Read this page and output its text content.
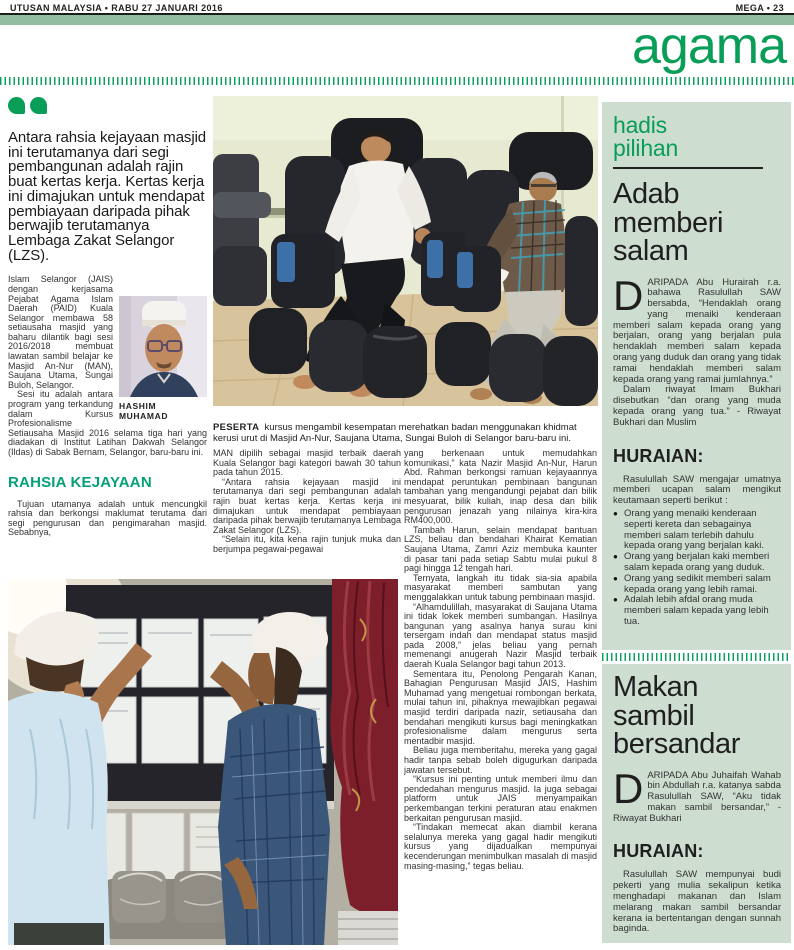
UTUSAN MALAYSIA • RABU 27 JANUARI 2016	MEGA • 23
agama

Antara rahsia kejayaan masjid ini terutamanya dari segi pembangunan adalah rajin buat kertas kerja. Kertas kerja ini dimajukan untuk mendapat pembiayaan daripada pihak berwajib terutamanya Lembaga Zakat Selangor (LZS).

HASHIM MUHAMAD

Islam Selangor (JAIS) dengan kerjasama Pejabat Agama Islam Daerah (PAID) Kuala Selangor membawa 58 setiausaha masjid yang baharu dilantik bagi sesi 2016/2018 membuat lawatan sambil belajar ke Masjid An-Nur (MAN), Saujana Utama, Sungai Buloh, Selangor.

Sesi itu adalah antara program yang terkandung dalam Kursus Profesionalisme Setiausaha Masjid 2016 selama tiga hari yang diadakan di Institut Latihan Dakwah Selangor (Ildas) di Sabak Bernam, Selangor, baru-baru ini.

RAHSIA KEJAYAAN

Tujuan utamanya adalah untuk mencungkil rahsia dan berkongsi maklumat terutama dari segi pengurusan dan pengimarahan masjid. Sebabnya,

PESERTA kursus mengambil kesempatan merehatkan badan menggunakan khidmat kerusi urut di Masjid An-Nur, Saujana Utama, Sungai Buloh di Selangor baru-baru ini.

MAN dipilih sebagai masjid terbaik daerah Kuala Selangor bagi kategori bawah 30 tahun pada tahun 2015.

“Antara rahsia kejayaan masjid ini terutamanya dari segi pembangunan adalah rajin buat kertas kerja. Kertas kerja ini dimajukan untuk mendapat pembiayaan daripada pihak berwajib terutamanya Lembaga Zakat Selangor (LZS).

“Selain itu, kita kena rajin tunjuk muka dan berjumpa pegawai-pegawai

yang berkenaan untuk memudahkan komunikasi,” kata Nazir Masjid An-Nur, Harun Abd. Rahman berkongsi ramuan kejayaannya mendapat peruntukan pembinaan bangunan tambahan yang mengandungi pejabat dan bilik mesyuarat, bilik kuliah, inap desa dan bilik pengurusan jenazah yang nilainya kira-kira RM400,000.

Tambah Harun, selain mendapat bantuan LZS, beliau dan bendahari Khairat Kematian Saujana Utama, Zamri Aziz membuka kaunter di pasar tani pada setiap Sabtu mulai pukul 8 pagi hingga 12 tengah hari.

Ternyata, langkah itu tidak sia-sia apabila masyarakat memberi sambutan yang menggalakkan untuk tabung pembinaan masjid.

“Alhamdulillah, masyarakat di Saujana Utama ini tidak lokek memberi sumbangan. Hasilnya bangunan yang asalnya hanya surau kini tersergam indah dan mendapat status masjid pada 2008,” jelas beliau yang pernah memenangi anugerah Nazir Masjid terbaik daerah Kuala Selangor bagi tahun 2013.

Sementara itu, Penolong Pengarah Kanan, Bahagian Pengurusan Masjid JAIS, Hashim Muhamad yang mengetuai rombongan berkata, mulai tahun ini, pihaknya mewajibkan pegawai masjid terdiri daripada nazir, setiausaha dan bendahari mengikuti kursus bagi meningkatkan profesionalisme dalam mengurus serta mentadbir masjid.

Beliau juga memberitahu, mereka yang gagal hadir tanpa sebab boleh digugurkan daripada jawatan tersebut.

“Kursus ini penting untuk memberi ilmu dan pendedahan mengurus masjid. Ia juga sebagai platform untuk JAIS menyampaikan perkembangan terkini peraturan atau enakmen berkaitan pengurusan masjid.

“Tindakan memecat akan diambil kerana selalunya mereka yang gagal hadir mengikuti kursus yang dijadualkan mempunyai kecenderungan menimbulkan masalah di masjid masing-masing,” tegas beliau.

hadis
pilihan
Adab memberi salam

DARIPADA Abu Hurairah r.a. bahawa Rasulullah SAW bersabda, “Hendaklah orang yang menaiki kenderaan memberi salam kepada orang yang berjalan, orang yang berjalan pula hendaklah memberi salam kepada orang yang duduk dan orang yang tidak ramai hendaklah memberi salam kepada orang yang ramai jumlahnya.”

Dalam riwayat Imam Bukhari disebutkan “dan orang yang muda kepada orang yang tua.” - Riwayat Bukhari dan Muslim

HURAIAN:

Rasulullah SAW mengajar umatnya memberi ucapan salam mengikut keutamaan seperti berikut :

● Orang yang menaiki kenderaan seperti kereta dan sebagainya memberi salam terlebih dahulu kepada orang yang berjalan kaki.
● Orang yang berjalan kaki memberi salam kepada orang yang duduk.
● Orang yang sedikit memberi salam kepada orang yang lebih ramai.
● Adalah lebih afdal orang muda memberi salam kepada yang lebih tua.
Makan sambil bersandar

DARIPADA Abu Juhaifah Wahab bin Abdullah r.a. katanya sabda Rasulullah SAW, “Aku tidak makan sambil bersandar,” - Riwayat Bukhari

HURAIAN:

Rasulullah SAW mempunyai budi pekerti yang mulia sekalipun ketika menghadapi makanan dan Islam melarang makan sambil bersandar kerana ia bertentangan dengan sunnah baginda.
